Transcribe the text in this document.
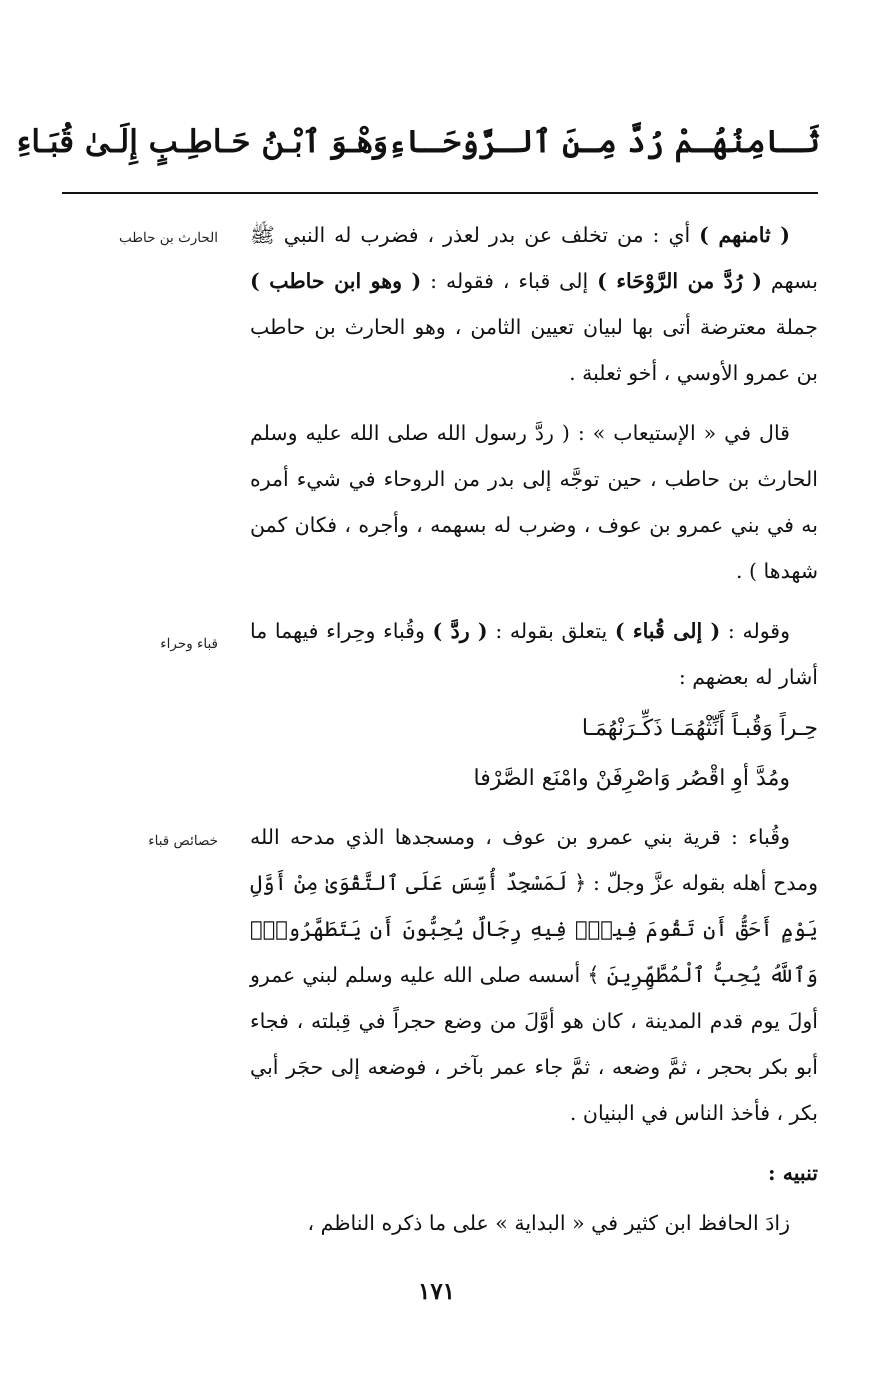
ثَـامِنُهُـمْ رُدَّ مِـنَ ٱلـرَّوْحَـاءِ
وَهْـوَ ٱبْـنُ حَـاطِـبٍ إِلَـىٰ قُبَـاءِ
الحارث بن حاطب
قباء وحراء
خصائص قباء

( ثامنهم ) أي : من تخلف عن بدر لعذر ، فضرب له النبي ﷺ بسهم ( رُدَّ من الرَّوْحَاء ) إلى قباء ، فقوله : ( وهو ابن حاطب ) جملة معترضة أتى بها لبيان تعيين الثامن ، وهو الحارث بن حاطب بن عمرو الأوسي ، أخو ثعلبة .

قال في « الإستيعاب » : ( ردَّ رسول الله صلى الله عليه وسلم الحارث بن حاطب ، حين توجَّه إلى بدر من الروحاء في شيء أمره به في بني عمرو بن عوف ، وضرب له بسهمه ، وأجره ، فكان كمن شهدها ) .

وقوله : ( إلى قُباء ) يتعلق بقوله : ( ردَّ ) وقُباء وحِراء فيهما ما أشار له بعضهم :

حِـراً وَقُبـاً أَنِّثْهُمَـا ذَكِّـرَنْهُمَـا
ومُدَّ أوِ اقْصُر وَاصْرِفَنْ وامْنَع الصَّرْفا

وقُباء : قرية بني عمرو بن عوف ، ومسجدها الذي مدحه الله ومدح أهله بقوله عزَّ وجلّ : ﴿ لَمَسْجِدٌ أُسِّسَ عَلَى ٱلتَّقْوَىٰ مِنْ أَوَّلِ يَوْمٍ أَحَقُّ أَن تَقُومَ فِيهِۚ فِيهِ رِجَالٌ يُحِبُّونَ أَن يَتَطَهَّرُواْۚ وَٱللَّهُ يُحِبُّ ٱلْمُطَّهِّرِينَ ﴾ أسسه صلى الله عليه وسلم لبني عمرو أولَ يوم قدم المدينة ، كان هو أوَّلَ من وضع حجراً في قِبلته ، فجاء أبو بكر بحجر ، ثمَّ وضعه ، ثمَّ جاء عمر بآخر ، فوضعه إلى حجَر أبي بكر ، فأخذ الناس في البنيان .

تنبيه :

زادَ الحافظ ابن كثير في « البداية » على ما ذكره الناظم ،

١٧١
